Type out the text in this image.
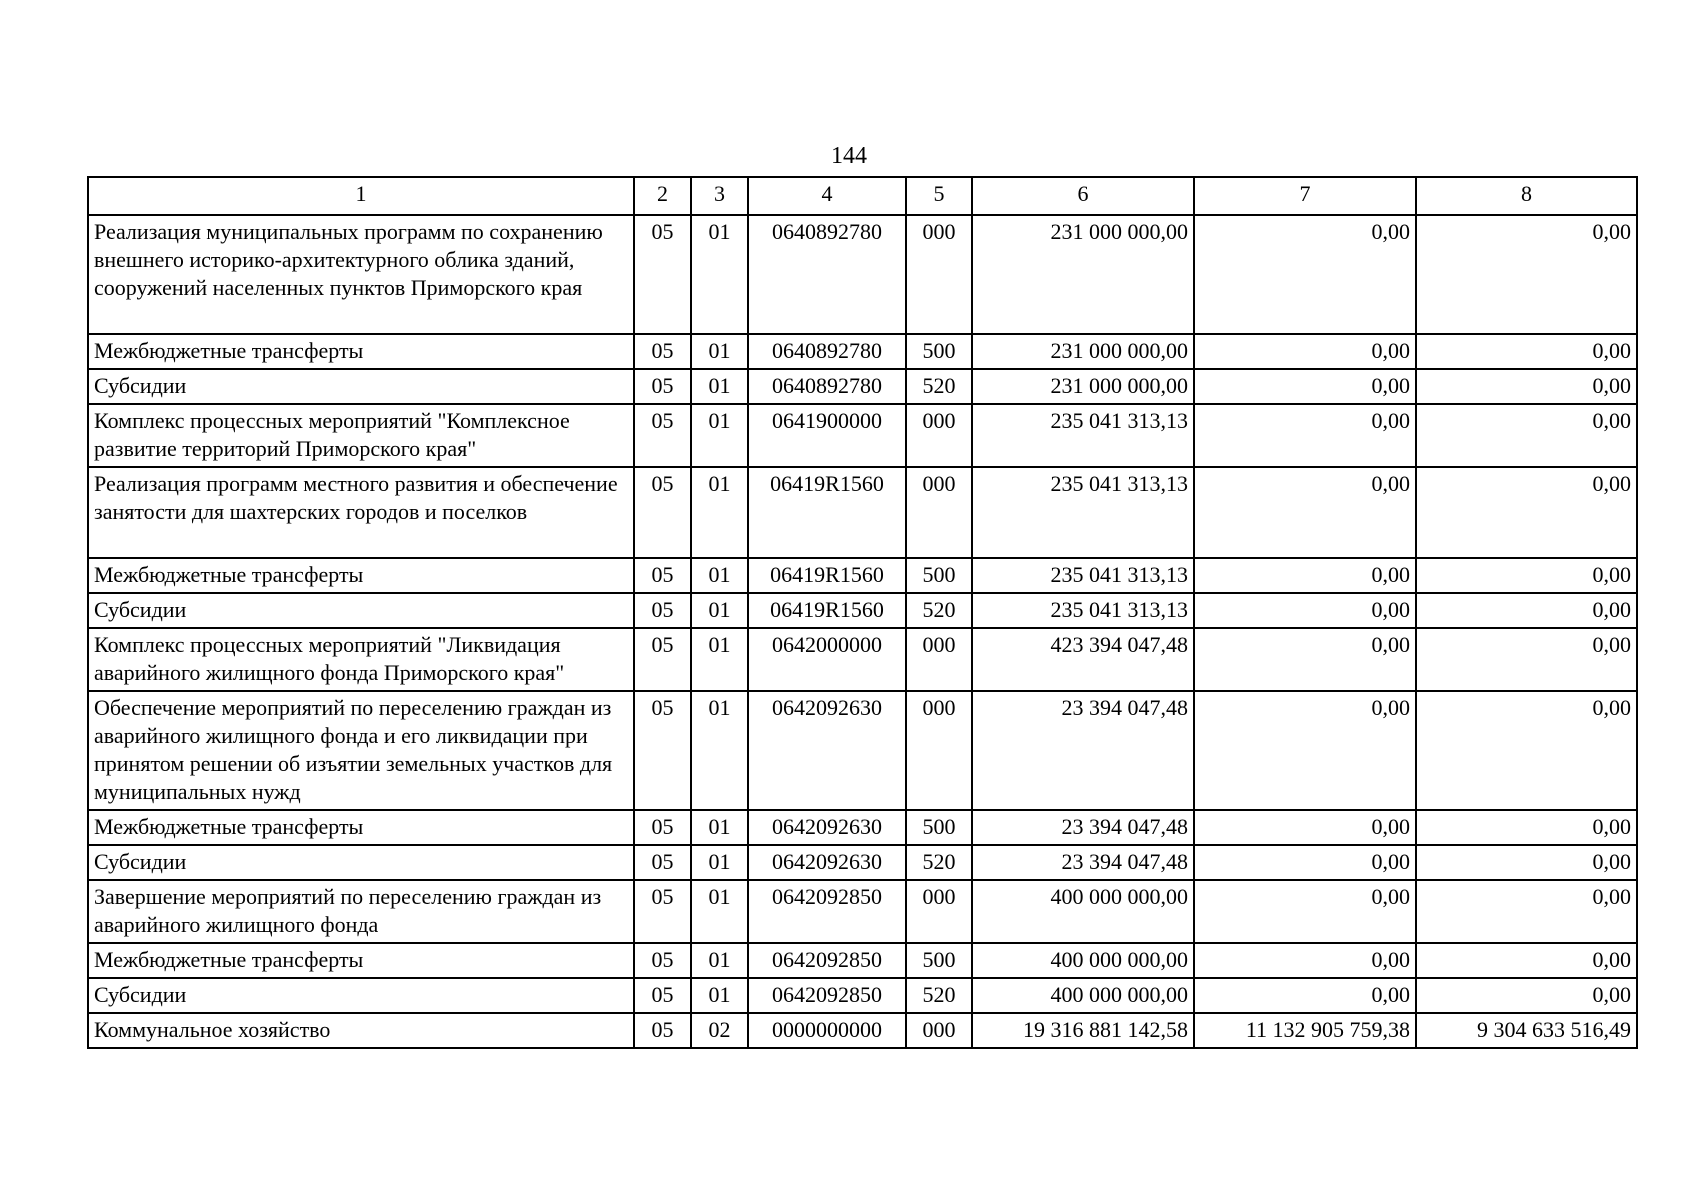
144
1	2	3	4	5	6	7	8
Реализация муниципальных программ по сохранению внешнего историко-архитектурного облика зданий, сооружений населенных пунктов Приморского края	05	01	0640892780	000	231 000 000,00	0,00	0,00
Межбюджетные трансферты	05	01	0640892780	500	231 000 000,00	0,00	0,00
Субсидии	05	01	0640892780	520	231 000 000,00	0,00	0,00
Комплекс процессных мероприятий "Комплексное развитие территорий Приморского края"	05	01	0641900000	000	235 041 313,13	0,00	0,00
Реализация программ местного развития и обеспечение занятости для шахтерских городов и поселков	05	01	06419R1560	000	235 041 313,13	0,00	0,00
Межбюджетные трансферты	05	01	06419R1560	500	235 041 313,13	0,00	0,00
Субсидии	05	01	06419R1560	520	235 041 313,13	0,00	0,00
Комплекс процессных мероприятий "Ликвидация аварийного жилищного фонда Приморского края"	05	01	0642000000	000	423 394 047,48	0,00	0,00
Обеспечение мероприятий по переселению граждан из аварийного жилищного фонда и его ликвидации при принятом решении об изъятии земельных участков для муниципальных нужд	05	01	0642092630	000	23 394 047,48	0,00	0,00
Межбюджетные трансферты	05	01	0642092630	500	23 394 047,48	0,00	0,00
Субсидии	05	01	0642092630	520	23 394 047,48	0,00	0,00
Завершение мероприятий по переселению граждан из аварийного жилищного фонда	05	01	0642092850	000	400 000 000,00	0,00	0,00
Межбюджетные трансферты	05	01	0642092850	500	400 000 000,00	0,00	0,00
Субсидии	05	01	0642092850	520	400 000 000,00	0,00	0,00
Коммунальное хозяйство	05	02	0000000000	000	19 316 881 142,58	11 132 905 759,38	9 304 633 516,49
